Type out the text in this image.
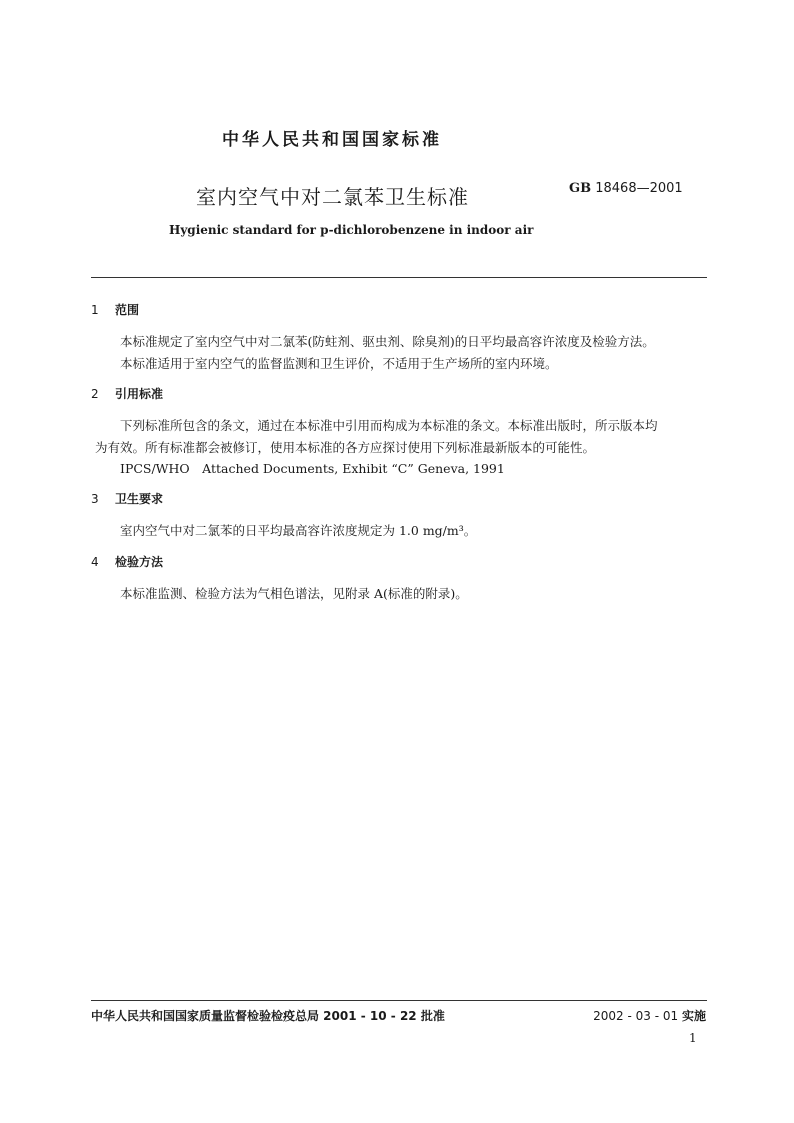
中华人民共和国国家标准
室内空气中对二氯苯卫生标准	GB 18468—2001
Hygienic standard for p-dichlorobenzene in indoor air
1 范围
本标准规定了室内空气中对二氯苯(防蛀剂、驱虫剂、除臭剂)的日平均最高容许浓度及检验方法。
本标准适用于室内空气的监督监测和卫生评价，不适用于生产场所的室内环境。
2 引用标准
下列标准所包含的条文，通过在本标准中引用而构成为本标准的条文。本标准出版时，所示版本均
为有效。所有标准都会被修订，使用本标准的各方应探讨使用下列标准最新版本的可能性。
IPCS/WHO　Attached Documents, Exhibit “C” Geneva, 1991
3 卫生要求
室内空气中对二氯苯的日平均最高容许浓度规定为 1.0 mg/m³。
4 检验方法
本标准监测、检验方法为气相色谱法，见附录 A(标准的附录)。
中华人民共和国国家质量监督检验检疫总局 2001 - 10 - 22 批准	2002 - 03 - 01 实施
1
